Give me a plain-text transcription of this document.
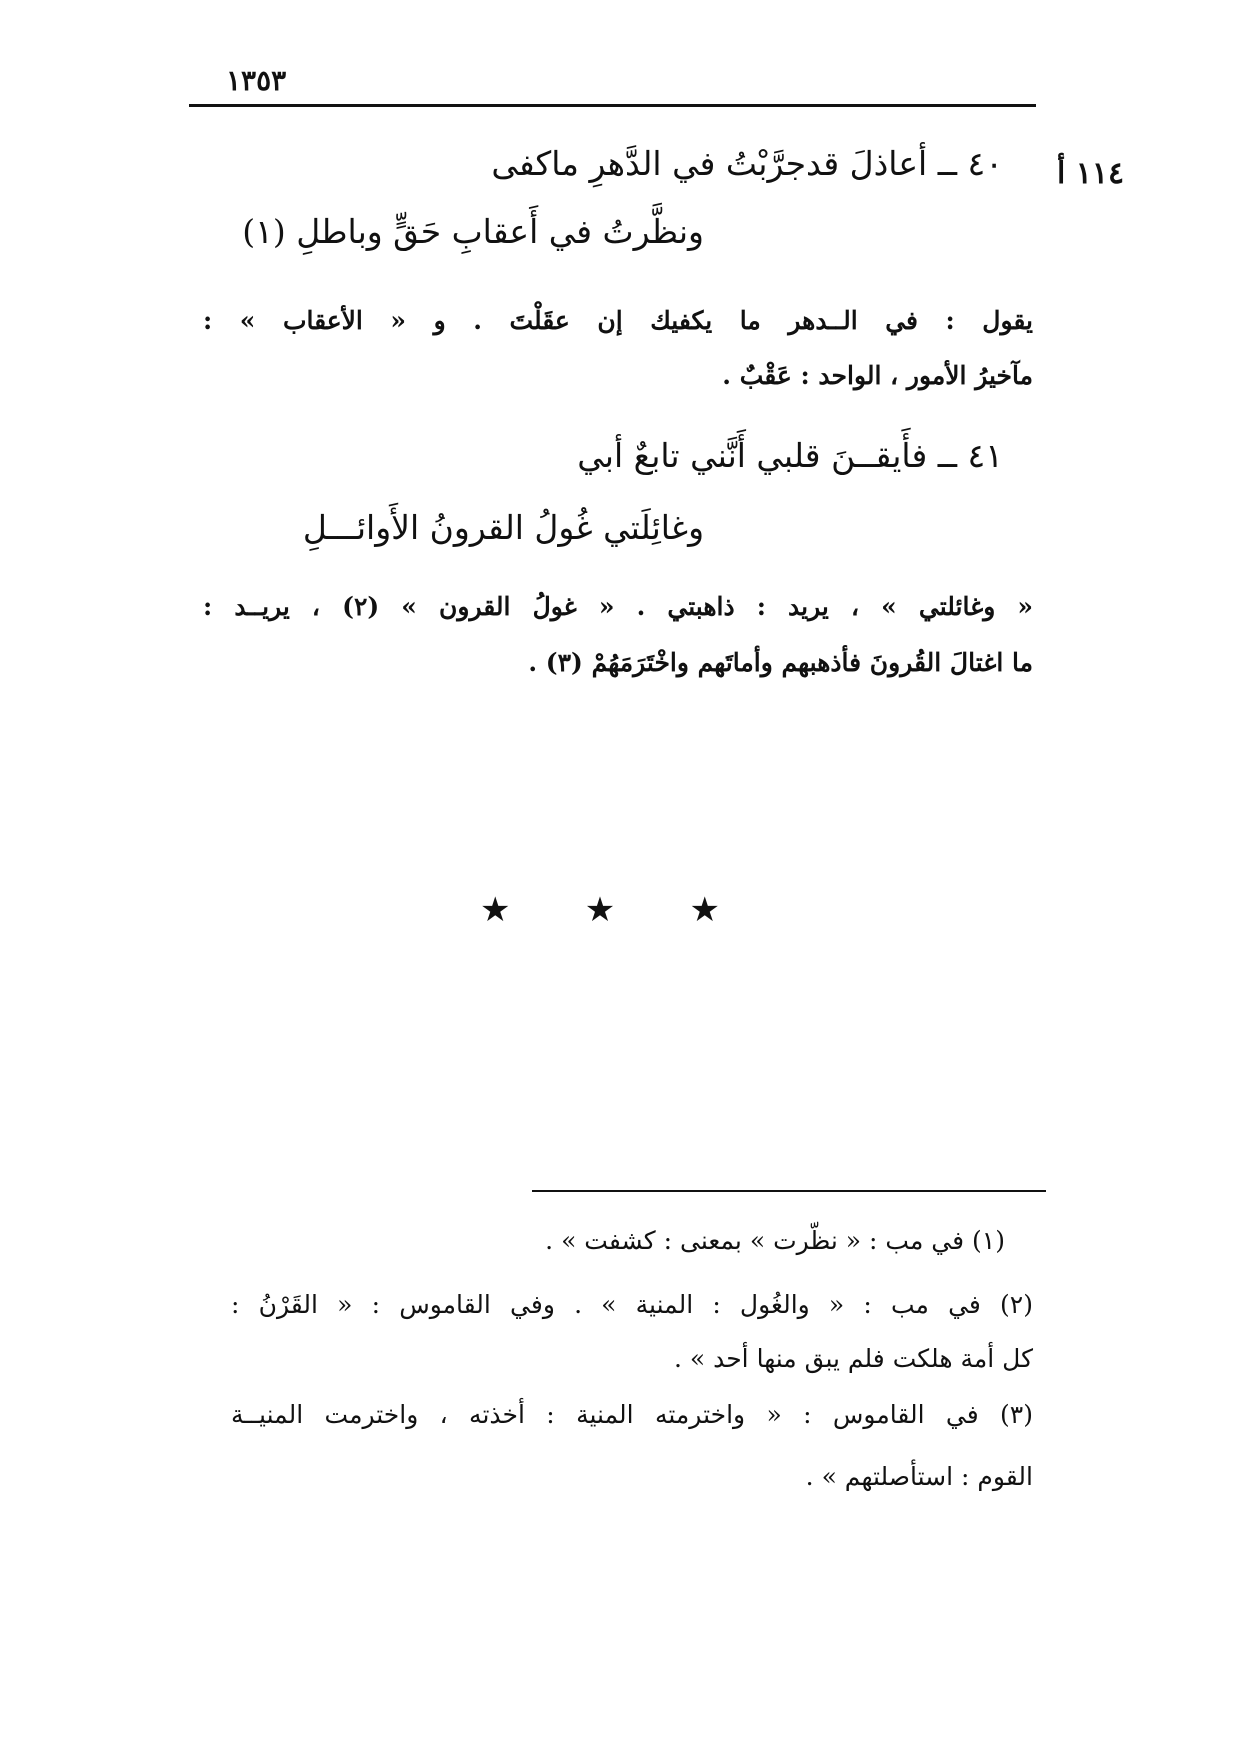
١٣٥٣
١١٤ أ
٤٠ ــ أعاذلَ قدجرَّبْتُ في الدَّهرِ ماكفى
ونظَّرتُ في أَعقابِ حَقٍّ وباطلِ (١)
يقول : في الــدهر ما يكفيك إن عقَلْتَ . و « الأعقاب » :
مآخيرُ الأمور ، الواحد : عَقْبٌ .
٤١ ــ فأَيقــنَ قلبي أَنَّني تابعٌ أبي
وغائِلَتي غُولُ القرونُ الأَوائـــلِ
« وغائلتي » ، يريد : ذاهبتي . « غولُ القرون » (٢) ، يريــد :
ما اغتالَ القُرونَ فأذهبهم وأماتَهم واخْتَرَمَهُمْ (٣) .
★ ★ ★
(١) في مب : « نظّرت » بمعنى : كشفت » .
(٢) في مب : « والغُول : المنية » . وفي القاموس : « القَرْنُ :
كل أمة هلكت فلم يبق منها أحد » .
(٣) في القاموس : « واخترمته المنية : أخذته ، واخترمت المنيــة
القوم : استأصلتهم » .
